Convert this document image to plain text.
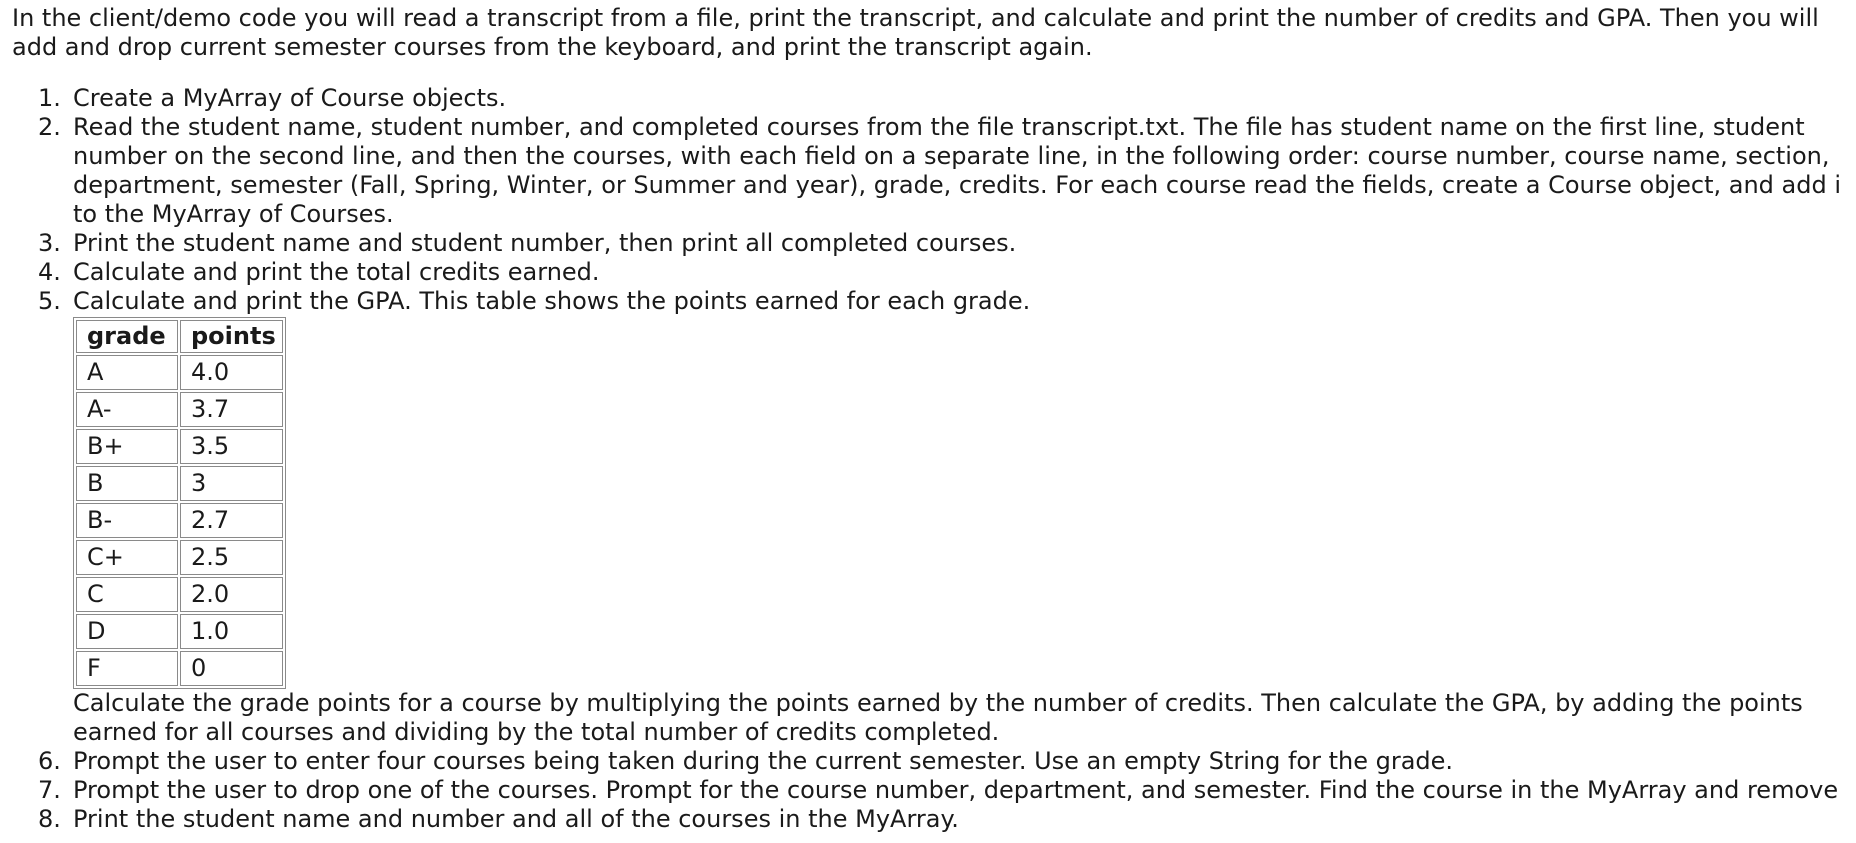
In the client/demo code you will read a transcript from a file, print the transcript, and calculate and print the number of credits and GPA. Then you will
add and drop current semester courses from the keyboard, and print the transcript again.

1. Create a MyArray of Course objects.
2. Read the student name, student number, and completed courses from the file transcript.txt. The file has student name on the first line, student
number on the second line, and then the courses, with each field on a separate line, in the following order: course number, course name, section,
department, semester (Fall, Spring, Winter, or Summer and year), grade, credits. For each course read the fields, create a Course object, and add i
to the MyArray of Courses.
3. Print the student name and student number, then print all completed courses.
4. Calculate and print the total credits earned.
5. Calculate and print the GPA. This table shows the points earned for each grade.
grade	points
A	4.0
A-	3.7
B+	3.5
B	3
B-	2.7
C+	2.5
C	2.0
D	1.0
F	0
Calculate the grade points for a course by multiplying the points earned by the number of credits. Then calculate the GPA, by adding the points
earned for all courses and dividing by the total number of credits completed.
6. Prompt the user to enter four courses being taken during the current semester. Use an empty String for the grade.
7. Prompt the user to drop one of the courses. Prompt for the course number, department, and semester. Find the course in the MyArray and remove
8. Print the student name and number and all of the courses in the MyArray.
